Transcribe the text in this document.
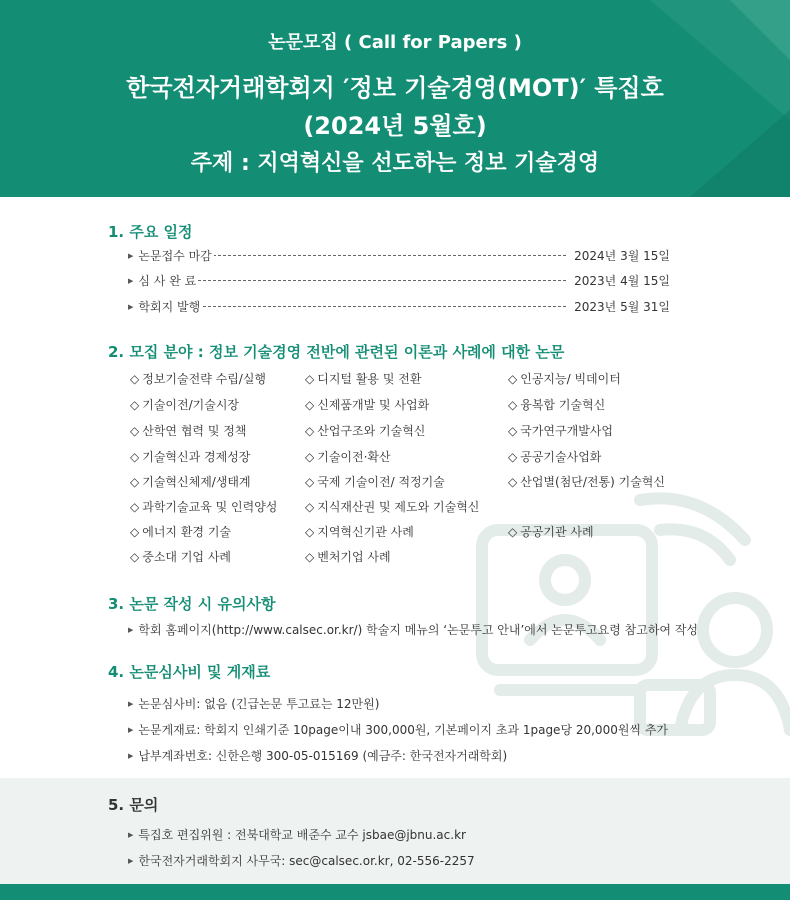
논문모집 ( Call for Papers )
한국전자거래학회지 ′정보 기술경영(MOT)′ 특집호
(2024년 5월호)
주제 : 지역혁신을 선도하는 정보 기술경영
1. 주요 일정
▶ 논문접수 마감	2024년 3월 15일
▶ 심 사 완 료	2023년 4월 15일
▶ 학회지 발행	2023년 5월 31일
2. 모집 분야 : 정보 기술경영 전반에 관련된 이론과 사례에 대한 논문
◇ 정보기술전략 수립/실행
◇ 기술이전/기술시장
◇ 산학연 협력 및 정책
◇ 기술혁신과 경제성장
◇ 기술혁신체제/생태계
◇ 과학기술교육 및 인력양성
◇ 에너지 환경 기술
◇ 중소대 기업 사례
◇ 디지털 활용 및 전환
◇ 신제품개발 및 사업화
◇ 산업구조와 기술혁신
◇ 기술이전·확산
◇ 국제 기술이전/ 적정기술
◇ 지식재산권 및 제도와 기술혁신
◇ 지역혁신기관 사례
◇ 벤처기업 사례
◇ 인공지능/ 빅데이터
◇ 융복합 기술혁신
◇ 국가연구개발사업
◇ 공공기술사업화
◇ 산업별(첨단/전통) 기술혁신
◇ 공공기관 사례
3. 논문 작성 시 유의사항
▶ 학회 홈페이지(http://www.calsec.or.kr/) 학술지 메뉴의 ‘논문투고 안내’에서 논문투고요령 참고하여 작성
4. 논문심사비 및 게재료
▶ 논문심사비: 없음 (긴급논문 투고료는 12만원)
▶ 논문게재료: 학회지 인쇄기준 10page이내 300,000원, 기본페이지 초과 1page당 20,000원씩 추가
▶ 납부계좌번호: 신한은행 300-05-015169 (예금주: 한국전자거래학회)
5. 문의
▶ 특집호 편집위원 : 전북대학교 배준수 교수 jsbae@jbnu.ac.kr
▶ 한국전자거래학회지 사무국: sec@calsec.or.kr, 02-556-2257
